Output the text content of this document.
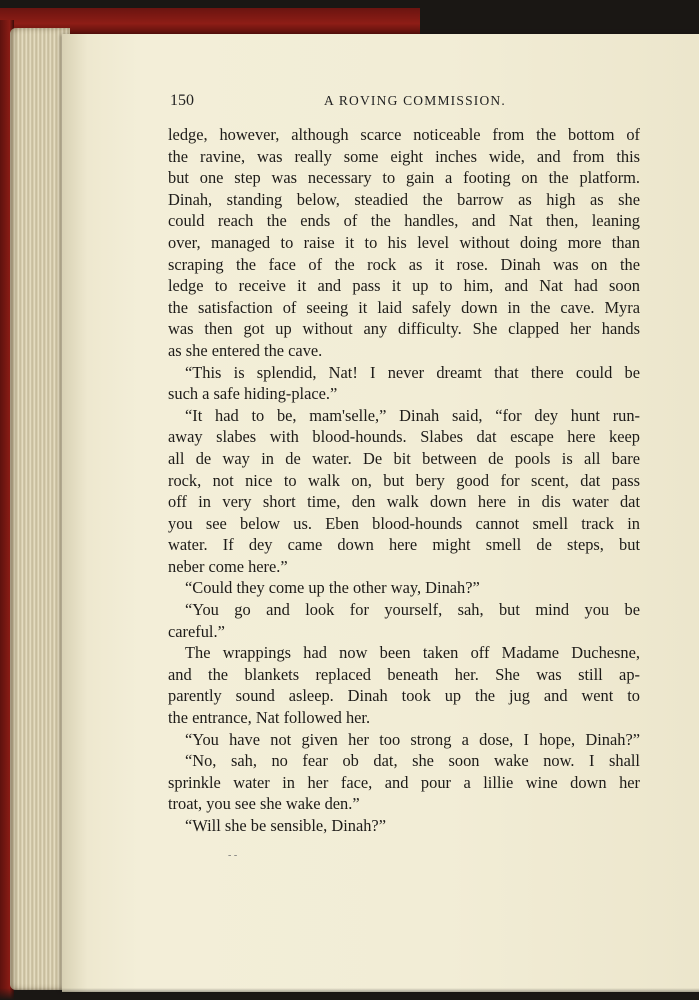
150	A ROVING COMMISSION.
ledge, however, although scarce noticeable from the bottom of
the ravine, was really some eight inches wide, and from this
but one step was necessary to gain a footing on the platform.
Dinah, standing below, steadied the barrow as high as she
could reach the ends of the handles, and Nat then, leaning
over, managed to raise it to his level without doing more than
scraping the face of the rock as it rose. Dinah was on the
ledge to receive it and pass it up to him, and Nat had soon
the satisfaction of seeing it laid safely down in the cave. Myra
was then got up without any difficulty. She clapped her hands
as she entered the cave.
“This is splendid, Nat! I never dreamt that there could be
such a safe hiding-place.”
“It had to be, mam'selle,” Dinah said, “for dey hunt run-
away slabes with blood-hounds. Slabes dat escape here keep
all de way in de water. De bit between de pools is all bare
rock, not nice to walk on, but bery good for scent, dat pass
off in very short time, den walk down here in dis water dat
you see below us. Eben blood-hounds cannot smell track in
water. If dey came down here might smell de steps, but
neber come here.”
“Could they come up the other way, Dinah?”
“You go and look for yourself, sah, but mind you be
careful.”
The wrappings had now been taken off Madame Duchesne,
and the blankets replaced beneath her. She was still ap-
parently sound asleep. Dinah took up the jug and went to
the entrance, Nat followed her.
“You have not given her too strong a dose, I hope, Dinah?”
“No, sah, no fear ob dat, she soon wake now. I shall
sprinkle water in her face, and pour a lillie wine down her
troat, you see she wake den.”
“Will she be sensible, Dinah?”
- -
